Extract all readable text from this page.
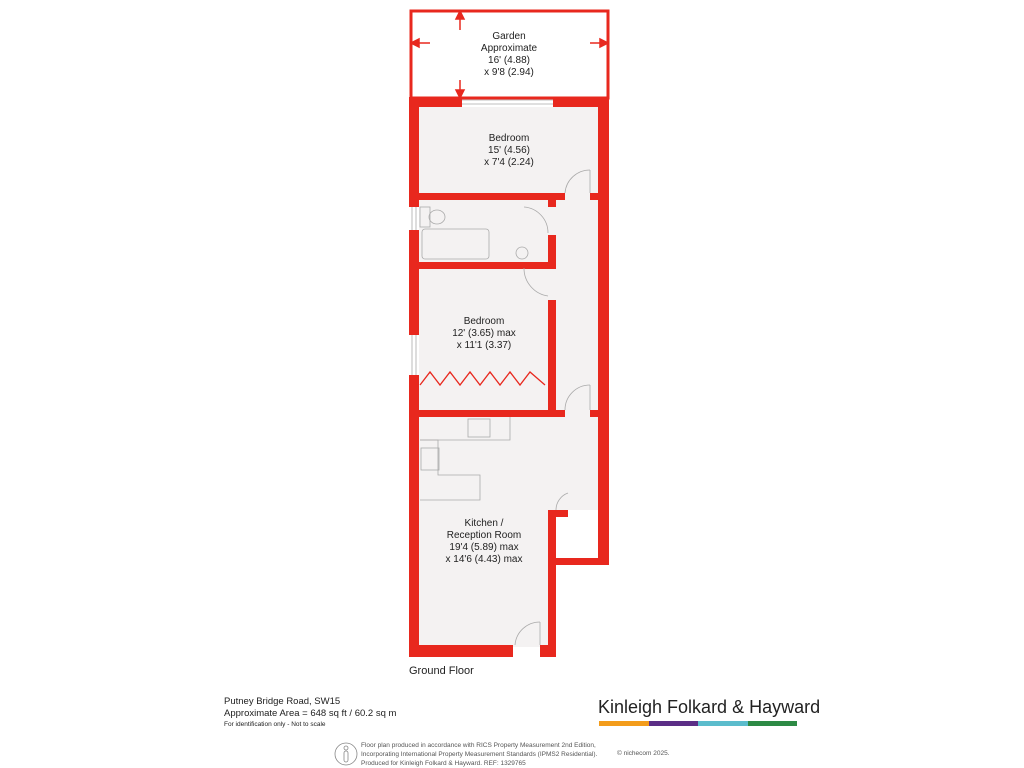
Garden Approximate 16' (4.88) x 9'8 (2.94)
Bedroom 15' (4.56) x 7'4 (2.24)
Bedroom 12' (3.65) max x 11'1 (3.37)
Kitchen / Reception Room 19'4 (5.89) max x 14'6 (4.43) max
Ground Floor
Putney Bridge Road, SW15
Approximate Area = 648 sq ft / 60.2 sq m
For identification only - Not to scale
Kinleigh Folkard & Hayward
Floor plan produced in accordance with RICS Property Measurement 2nd Edition,
Incorporating International Property Measurement Standards (IPMS2 Residential).
Produced for Kinleigh Folkard & Hayward. REF: 1329765
© nichecom 2025.
